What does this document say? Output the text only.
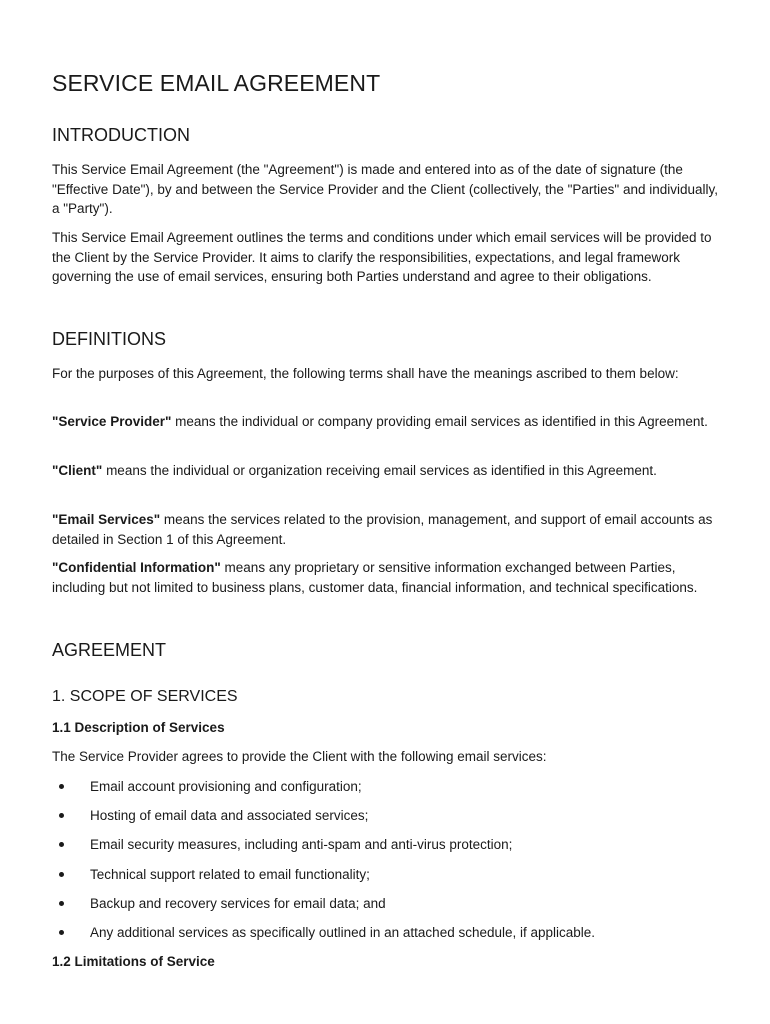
SERVICE EMAIL AGREEMENT
INTRODUCTION

This Service Email Agreement (the "Agreement") is made and entered into as of the date of signature (the "Effective Date"), by and between the Service Provider and the Client (collectively, the "Parties" and individually, a "Party").

This Service Email Agreement outlines the terms and conditions under which email services will be provided to the Client by the Service Provider. It aims to clarify the responsibilities, expectations, and legal framework governing the use of email services, ensuring both Parties understand and agree to their obligations.

DEFINITIONS

For the purposes of this Agreement, the following terms shall have the meanings ascribed to them below:

"Service Provider" means the individual or company providing email services as identified in this Agreement.

"Client" means the individual or organization receiving email services as identified in this Agreement.

"Email Services" means the services related to the provision, management, and support of email accounts as detailed in Section 1 of this Agreement.

"Confidential Information" means any proprietary or sensitive information exchanged between Parties, including but not limited to business plans, customer data, financial information, and technical specifications.

AGREEMENT
1. SCOPE OF SERVICES
1.1 Description of Services

The Service Provider agrees to provide the Client with the following email services:

Email account provisioning and configuration;
Hosting of email data and associated services;
Email security measures, including anti-spam and anti-virus protection;
Technical support related to email functionality;
Backup and recovery services for email data; and
Any additional services as specifically outlined in an attached schedule, if applicable.
1.2 Limitations of Service
